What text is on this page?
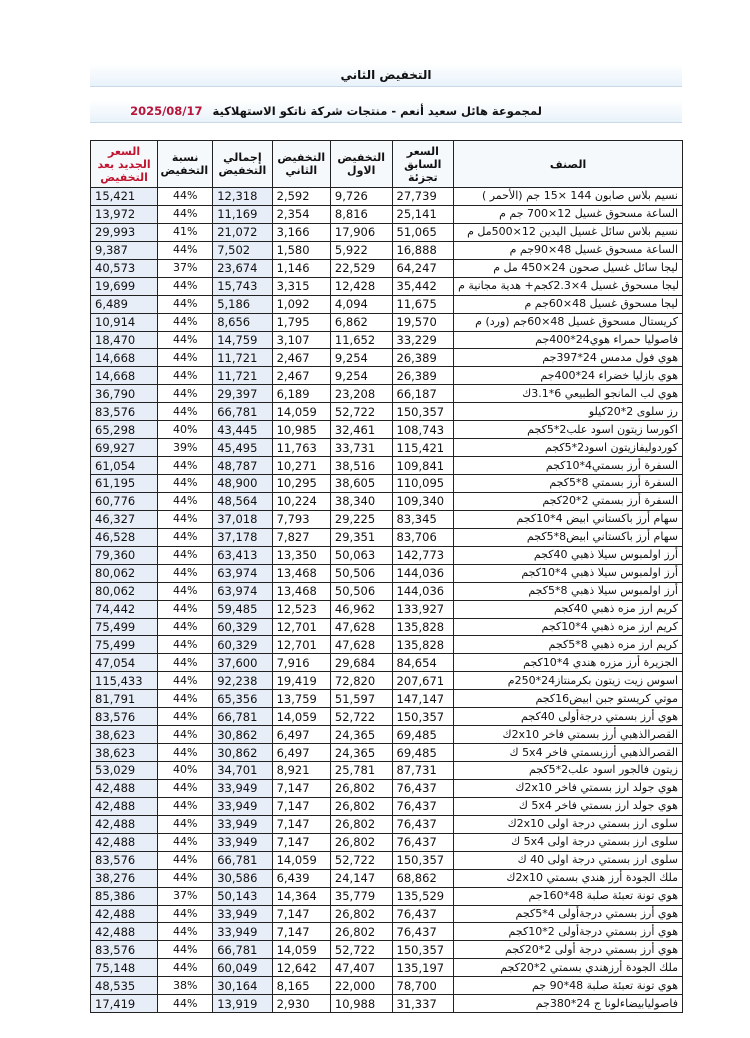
التخفيض الثاني
لمجموعة هائل سعيد أنعم - منتجات شركة ناتكو الاستهلاكية 2025/08/17
الصنف	السعر السابق تجزئة	التخفيض الاول	التخفيض الثاني	إجمالي التخفيض	نسبة التخفيض	السعر الجديد بعد التخفيض
نسيم بلاس صابون 144 ×15 جم (الأحمر )	27,739	9,726	2,592	12,318	44%	15,421
الساعة مسحوق غسيل 12×700 جم م	25,141	8,816	2,354	11,169	44%	13,972
نسيم بلاس سائل غسيل اليدين 12×500مل م	51,065	17,906	3,166	21,072	41%	29,993
الساعة مسحوق غسيل 48×90جم م	16,888	5,922	1,580	7,502	44%	9,387
ليجا سائل غسيل صحون 24×450 مل م	64,247	22,529	1,146	23,674	37%	40,573
ليجا مسحوق غسيل 4×2.3كجم+ هدية مجانية م	35,442	12,428	3,315	15,743	44%	19,699
ليجا مسحوق غسيل 48×60جم م	11,675	4,094	1,092	5,186	44%	6,489
كريستال مسحوق غسيل 48×60جم (ورد) م	19,570	6,862	1,795	8,656	44%	10,914
فاصوليا حمراء هوي24*400جم	33,229	11,652	3,107	14,759	44%	18,470
هوي فول مدمس 24*397جم	26,389	9,254	2,467	11,721	44%	14,668
هوي بازليا خضراء 24*400جم	26,389	9,254	2,467	11,721	44%	14,668
هوي لب المانجو الطبيعي 6*3.1ك	66,187	23,208	6,189	29,397	44%	36,790
رز سلوى 2*20كيلو	150,357	52,722	14,059	66,781	44%	83,576
اكورسا زيتون اسود علب2*5كجم	108,743	32,461	10,985	43,445	40%	65,298
كوردوليفازيتون اسود2*5كجم	115,421	33,731	11,763	45,495	39%	69,927
السفرة أرز بسمتي4*10كجم	109,841	38,516	10,271	48,787	44%	61,054
السفرة أرز بسمتي 8*5كجم	110,095	38,605	10,295	48,900	44%	61,195
السفرة أرز بسمتي 2*20كجم	109,340	38,340	10,224	48,564	44%	60,776
سهام أرز باكستاني ابيض 4*10كجم	83,345	29,225	7,793	37,018	44%	46,327
سهام أرز باكستاني ابيض8*5كجم	83,706	29,351	7,827	37,178	44%	46,528
أرز اولمبوس سيلا ذهبي 40كجم	142,773	50,063	13,350	63,413	44%	79,360
أرز اولمبوس سيلا ذهبي 4*10كجم	144,036	50,506	13,468	63,974	44%	80,062
أرز اولمبوس سيلا ذهبي 8*5كجم	144,036	50,506	13,468	63,974	44%	80,062
كريم ارز مزه ذهبي 40كجم	133,927	46,962	12,523	59,485	44%	74,442
كريم ارز مزه ذهبي 4*10كجم	135,828	47,628	12,701	60,329	44%	75,499
كريم ارز مزه ذهبي 8*5كجم	135,828	47,628	12,701	60,329	44%	75,499
الجزيرة أرز مزره هندي 4*10كجم	84,654	29,684	7,916	37,600	44%	47,054
اسوس زيت زيتون بكرمنتاز24*250م	207,671	72,820	19,419	92,238	44%	115,433
موتي كريستو جبن ابيض16كجم	147,147	51,597	13,759	65,356	44%	81,791
هوي أرز بسمتي درجةأولى 40كجم	150,357	52,722	14,059	66,781	44%	83,576
القصرالذهبي أرز بسمتي فاخر 2x10ك	69,485	24,365	6,497	30,862	44%	38,623
القصرالذهبي أرزبسمتي فاخر 5x4 ك	69,485	24,365	6,497	30,862	44%	38,623
زيتون فالجور اسود علب2*5كجم	87,731	25,781	8,921	34,701	40%	53,029
هوي جولد ارز بسمتي فاخر 2x10ك	76,437	26,802	7,147	33,949	44%	42,488
هوي جولد ارز بسمتي فاخر 5x4 ك	76,437	26,802	7,147	33,949	44%	42,488
سلوى ارز بسمتي درجة اولى 2x10ك	76,437	26,802	7,147	33,949	44%	42,488
سلوى ارز بسمتي درجة اولى 5x4 ك	76,437	26,802	7,147	33,949	44%	42,488
سلوى ارز بسمتي درجة اولى 40 ك	150,357	52,722	14,059	66,781	44%	83,576
ملك الجودة أرز هندي بسمتي 2x10ك	68,862	24,147	6,439	30,586	44%	38,276
هوي تونة تعبئة صلبة 48*160جم	135,529	35,779	14,364	50,143	37%	85,386
هوي أرز بسمتي درجةأولى 4*5كجم	76,437	26,802	7,147	33,949	44%	42,488
هوي أرز بسمتي درجةأولى 2*10كجم	76,437	26,802	7,147	33,949	44%	42,488
هوي أرز بسمتي درجة أولى 2*20كجم	150,357	52,722	14,059	66,781	44%	83,576
ملك الجودة أرزهندي بسمتي 2*20كجم	135,197	47,407	12,642	60,049	44%	75,148
هوي تونة تعبئة صلبة 48*90 جم	78,700	22,000	8,165	30,164	38%	48,535
فاصوليابيضاءلونا ج 24*380جم	31,337	10,988	2,930	13,919	44%	17,419
